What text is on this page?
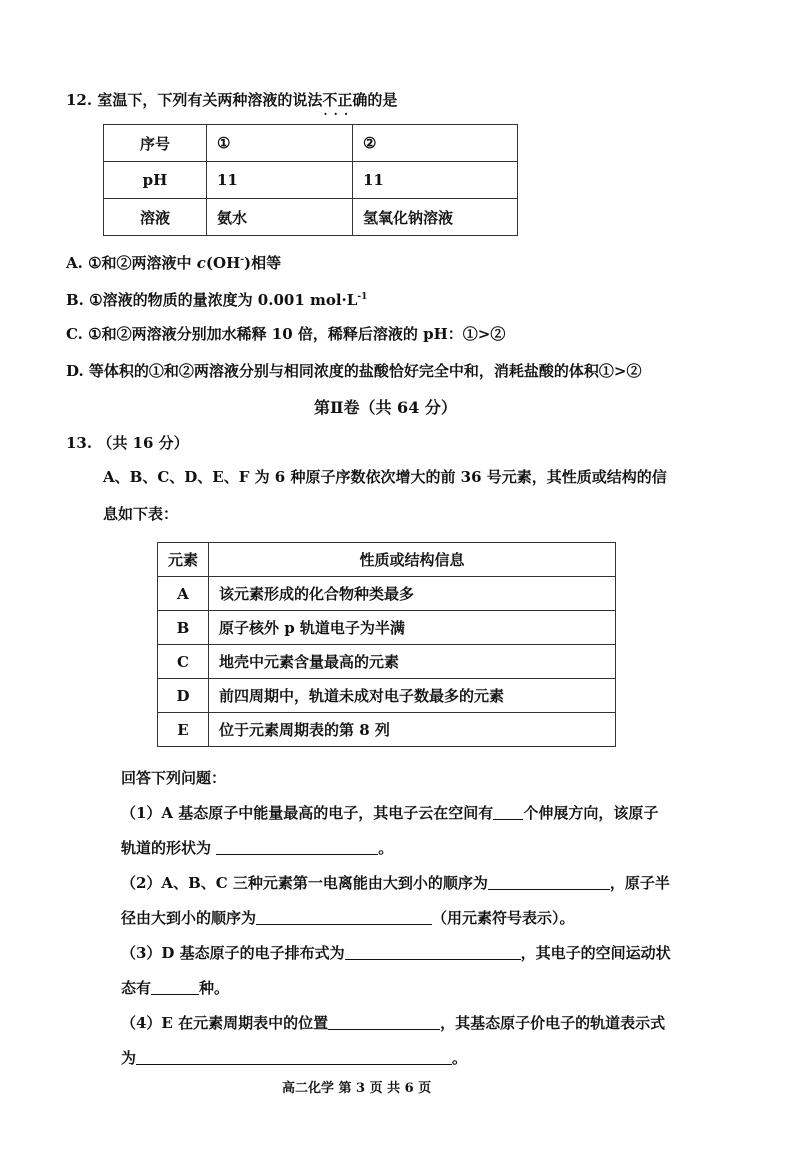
12. 室温下，下列有关两种溶液的说法不正确 · · ·的是
序号	①	②
pH	11	11
溶液	氨水	氢氧化钠溶液
A. ①和②两溶液中 c(OH-)相等
B. ①溶液的物质的量浓度为 0.001 $mol\cdot L^{-1}$
C. ①和②两溶液分别加水稀释 10 倍，稀释后溶液的 pH：①>②
D. 等体积的①和②两溶液分别与相同浓度的盐酸恰好完全中和，消耗盐酸的体积①>②
第Ⅱ卷（共 64 分）
13. （共 16 分）
A、B、C、D、E、F 为 6 种原子序数依次增大的前 36 号元素，其性质或结构的信
息如下表：
元素	性质或结构信息
A	该元素形成的化合物种类最多
B	原子核外 p 轨道电子为半满
C	地壳中元素含量最高的元素
D	前四周期中，轨道未成对电子数最多的元素
E	位于元素周期表的第 8 列
回答下列问题：
（1）A 基态原子中能量最高的电子，其电子云在空间有 个伸展方向，该原子
轨道的形状为	。
（2）A、B、C 三种元素第一电离能由大到小的顺序为	，原子半
径由大到小的顺序为	（用元素符号表示）。
（3）D 基态原子的电子排布式为	，其电子的空间运动状
态有	种。
（4）E 在元素周期表中的位置	，其基态原子价电子的轨道表示式
为	。
高二化学 第 3 页 共 6 页
